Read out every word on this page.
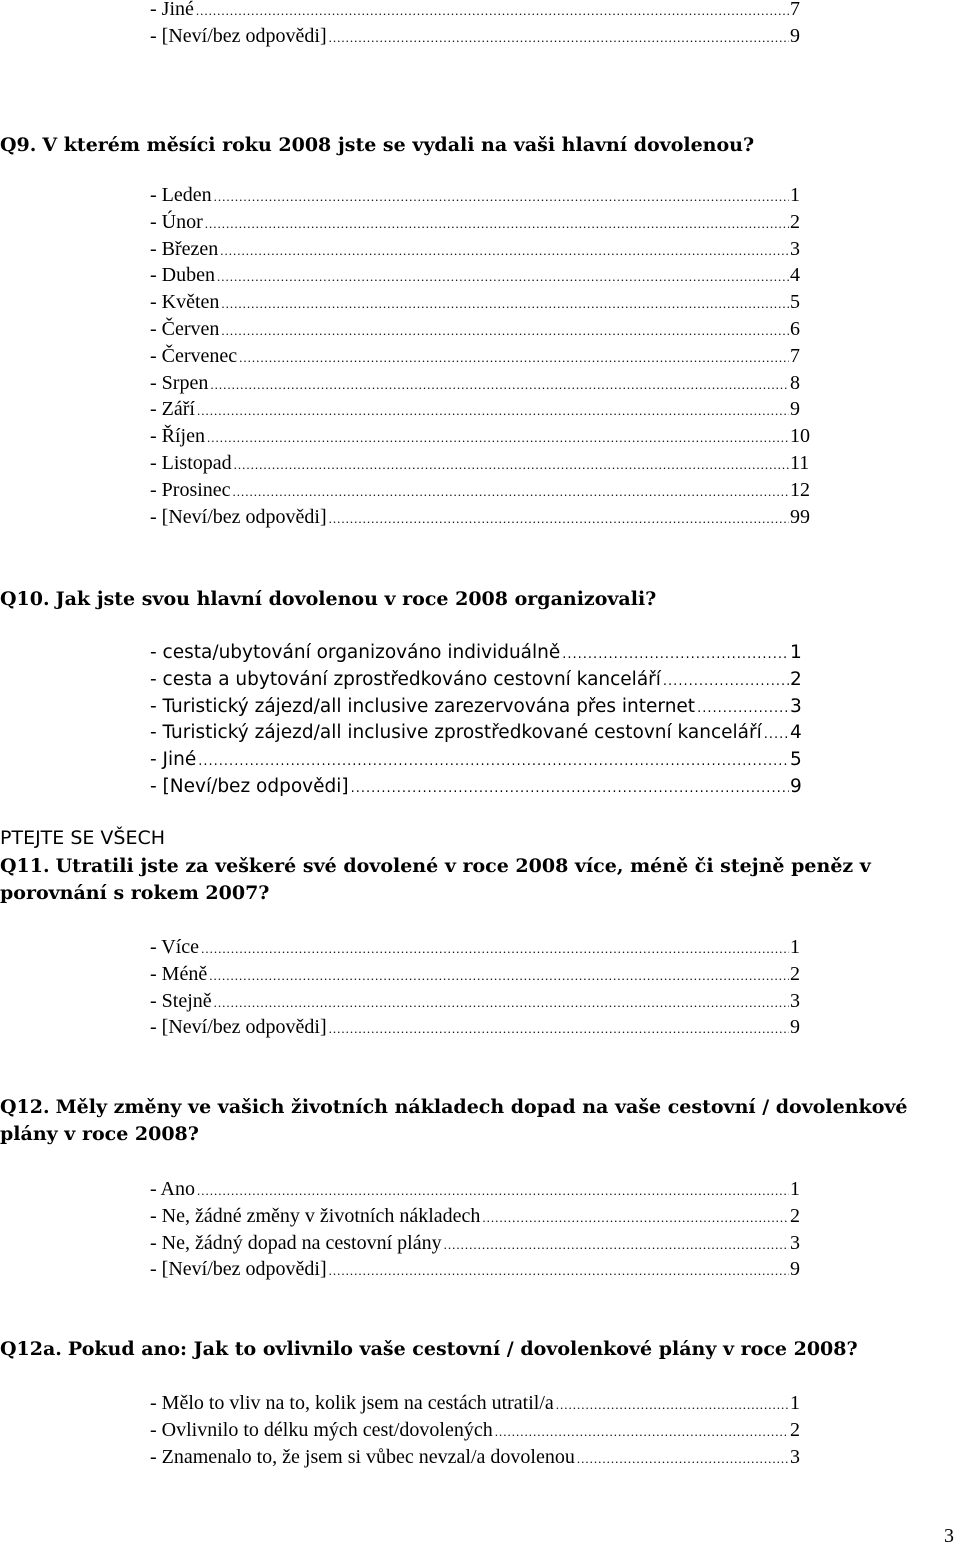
- Jiné .....	7
- [Neví/bez odpovědi] .....	9

Q9. V kterém měsíci roku 2008 jste se vydali na vaši hlavní dovolenou?

- Leden .....	1
- Únor .....	2
- Březen .....	3
- Duben .....	4
- Květen .....	5
- Červen .....	6
- Červenec .....	7
- Srpen .....	8
- Září .....	9
- Říjen .....	10
- Listopad .....	11
- Prosinec .....	12
- [Neví/bez odpovědi] .....	99

Q10. Jak jste svou hlavní dovolenou v roce 2008 organizovali?

- cesta/ubytování organizováno individuálně .....	1
- cesta a ubytování zprostředkováno cestovní kanceláří .....	2
- Turistický zájezd/all inclusive zarezervována přes internet .....	3
- Turistický zájezd/all inclusive zprostředkované cestovní kanceláří ..... 4
- Jiné .....	5
- [Neví/bez odpovědi] .....	9

PTEJTE SE VŠECH

Q11. Utratili jste za veškeré své dovolené v roce 2008 více, méně či stejně peněz v porovnání s rokem 2007?

- Více .....	1
- Méně .....	2
- Stejně .....	3
- [Neví/bez odpovědi] .....	9

Q12. Měly změny ve vašich životních nákladech dopad na vaše cestovní / dovolenkové plány v roce 2008?

- Ano .....	1
- Ne, žádné změny v životních nákladech .....	2
- Ne, žádný dopad na cestovní plány .....	3
- [Neví/bez odpovědi] .....	9

Q12a. Pokud ano: Jak to ovlivnilo vaše cestovní / dovolenkové plány v roce 2008?

- Mělo to vliv na to, kolik jsem na cestách utratil/a .....	1
- Ovlivnilo to délku mých cest/dovolených .....	2
- Znamenalo to, že jsem si vůbec nevzal/a dovolenou .....	3
3
